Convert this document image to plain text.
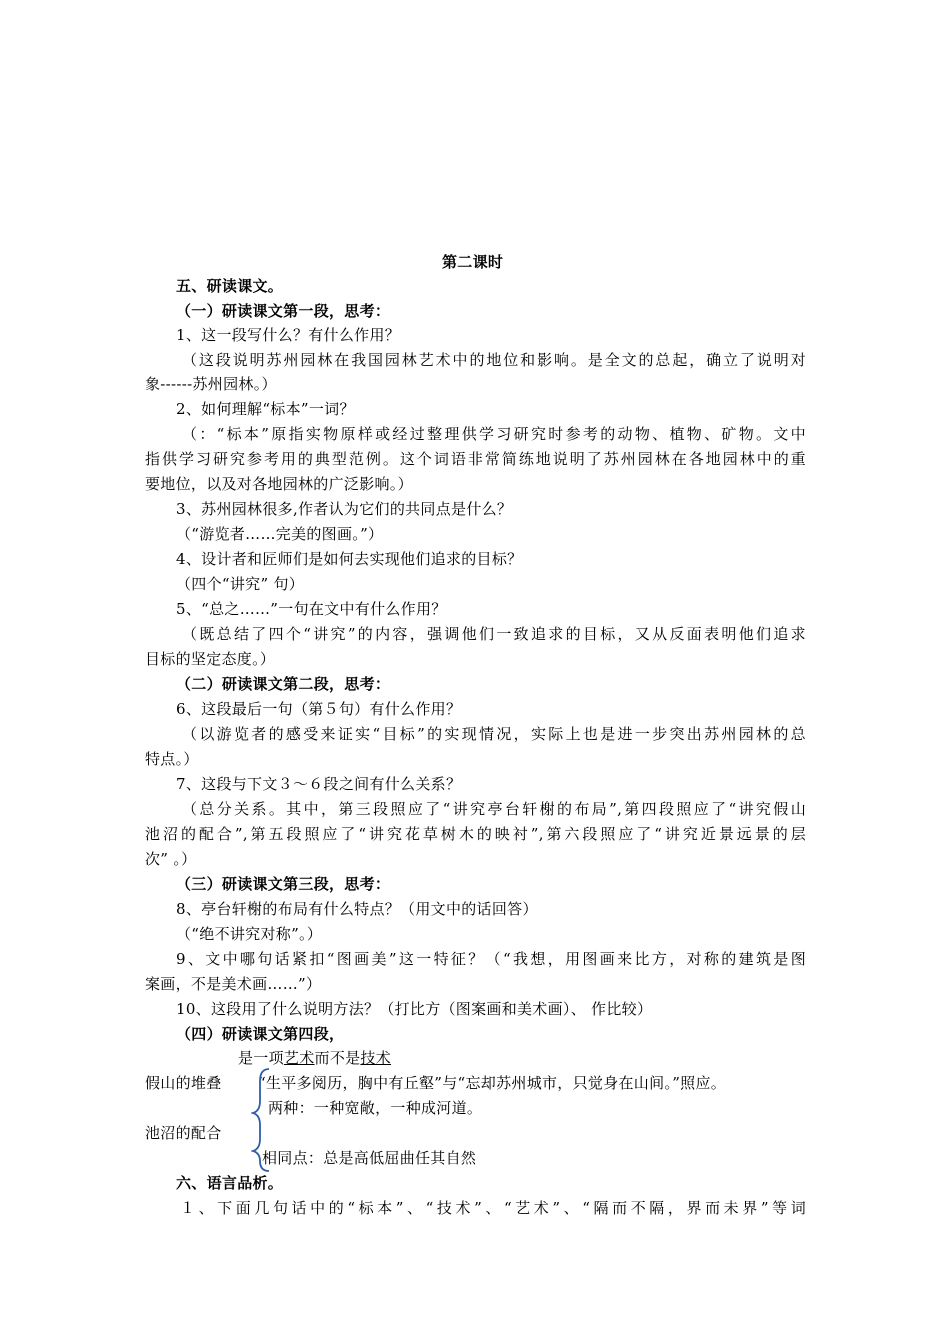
第二课时
五、研读课文。
（一）研读课文第一段，思考：
1、这一段写什么？有什么作用？
（这段说明苏州园林在我国园林艺术中的地位和影响。是全文的总起，确立了说明对
象------苏州园林。）
2、如何理解“标本”一词？
（：“标本”原指实物原样或经过整理供学习研究时参考的动物、植物、矿物。文中
指供学习研究参考用的典型范例。这个词语非常简练地说明了苏州园林在各地园林中的重
要地位，以及对各地园林的广泛影响。）
3、苏州园林很多,作者认为它们的共同点是什么？
（“游览者……完美的图画。”）
4、设计者和匠师们是如何去实现他们追求的目标？
（四个“讲究” 句）
5、“总之……”一句在文中有什么作用？
（既总结了四个“讲究”的内容，强调他们一致追求的目标，又从反面表明他们追求
目标的坚定态度。）
（二）研读课文第二段，思考：
6、这段最后一句（第５句）有什么作用？
（以游览者的感受来证实“目标”的实现情况，实际上也是进一步突出苏州园林的总
特点。）
7、这段与下文３～６段之间有什么关系？
（总分关系。其中，第三段照应了“讲究亭台轩榭的布局”,第四段照应了“讲究假山
池沼的配合”,第五段照应了“讲究花草树木的映衬”,第六段照应了“讲究近景远景的层
次” 。）
（三）研读课文第三段，思考：
8、亭台轩榭的布局有什么特点？（用文中的话回答）
（“绝不讲究对称”。）
9、文中哪句话紧扣“图画美”这一特征？（“我想，用图画来比方，对称的建筑是图
案画，不是美术画……”）
10、这段用了什么说明方法？（打比方（图案画和美术画）、 作比较）
（四）研读课文第四段，
是一项艺术而不是技术
假山的堆叠 “生平多阅历，胸中有丘壑”与“忘却苏州城市，只觉身在山间。”照应。
两种：一种宽敞，一种成河道。
池沼的配合
相同点：总是高低屈曲任其自然
六、语言品析。
１、下面几句话中的“标本”、“技术”、“艺术”、“隔而不隔，界而未界”等词
